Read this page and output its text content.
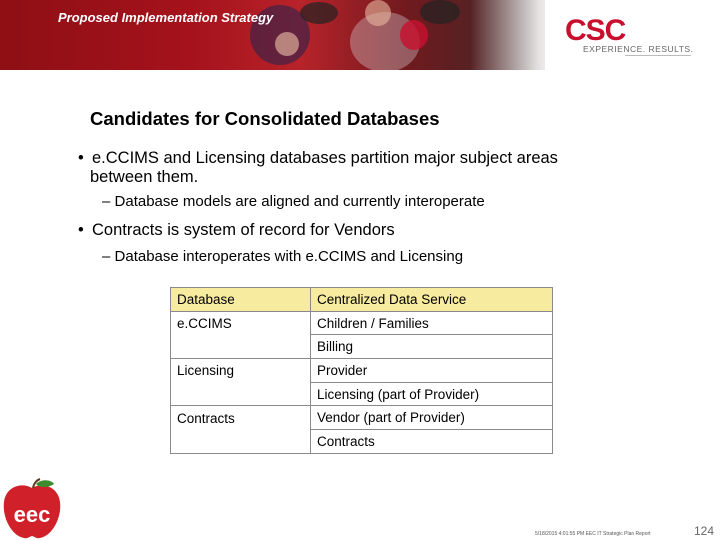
Proposed Implementation Strategy	CSC
EXPERIENCE. RESULTS.
Candidates for Consolidated Databases
• e.CCIMS and Licensing databases partition major subject areas
between them.
– Database models are aligned and currently interoperate
• Contracts is system of record for Vendors
– Database interoperates with e.CCIMS and Licensing
Database	Centralized Data Service
e.CCIMS	Children / Families
	Billing
Licensing	Provider
	Licensing (part of Provider)
Contracts	Vendor (part of Provider)
	Contracts
eec
5/18/2015 4:01:55 PM EEC IT Strategic Plan Report	124
